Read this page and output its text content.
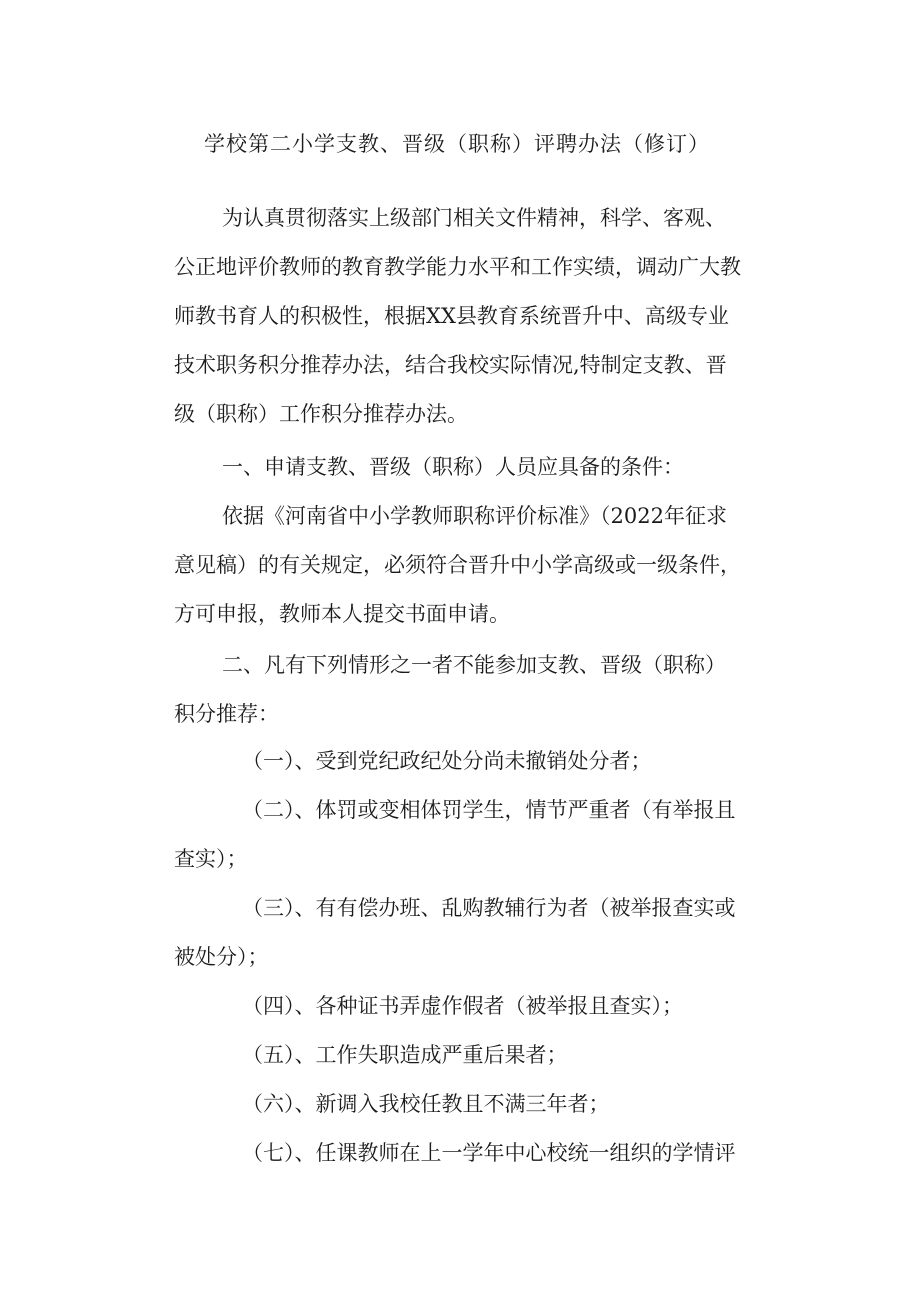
学校第二小学支教、晋级（职称）评聘办法（修订）
为认真贯彻落实上级部门相关文件精神，科学、客观、
公正地评价教师的教育教学能力水平和工作实绩，调动广大教
师教书育人的积极性，根据XX县教育系统晋升中、高级专业
技术职务积分推荐办法，结合我校实际情况,特制定支教、晋
级（职称）工作积分推荐办法。
一、申请支教、晋级（职称）人员应具备的条件：
依据《河南省中小学教师职称评价标准》（2022年征求
意见稿）的有关规定，必须符合晋升中小学高级或一级条件，
方可申报，教师本人提交书面申请。
二、凡有下列情形之一者不能参加支教、晋级（职称）
积分推荐：
（一）、受到党纪政纪处分尚未撤销处分者；
（二）、体罚或变相体罚学生，情节严重者（有举报且
查实）；
（三）、有有偿办班、乱购教辅行为者（被举报查实或
被处分）；
（四）、各种证书弄虚作假者（被举报且查实）；
（五）、工作失职造成严重后果者；
（六）、新调入我校任教且不满三年者；
（七）、任课教师在上一学年中心校统一组织的学情评
